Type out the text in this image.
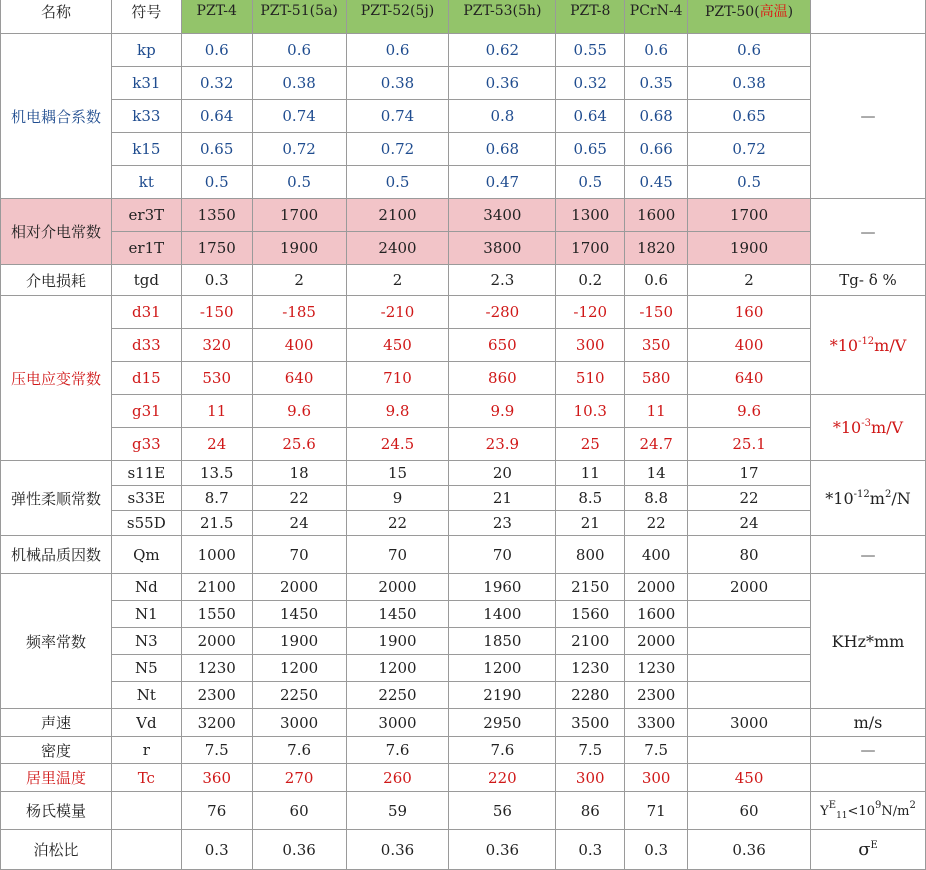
名称	符号	PZT-4	PZT-51(5a)	PZT-52(5j)	PZT-53(5h)	PZT-8	PCrN-4	PZT-50(高温)	
机电耦合系数	kp	0.6	0.6	0.6	0.62	0.55	0.6	0.6	—
	k31	0.32	0.38	0.38	0.36	0.32	0.35	0.38	
	k33	0.64	0.74	0.74	0.8	0.64	0.68	0.65	
	k15	0.65	0.72	0.72	0.68	0.65	0.66	0.72	
	kt	0.5	0.5	0.5	0.47	0.5	0.45	0.5	
相对介电常数	er3T	1350	1700	2100	3400	1300	1600	1700	—
	er1T	1750	1900	2400	3800	1700	1820	1900	
介电损耗	tgd	0.3	2	2	2.3	0.2	0.6	2	Tg- δ %
压电应变常数	d31	-150	-185	-210	-280	-120	-150	160	$*10^{-12}m/V$
	d33	320	400	450	650	300	350	400	
	d15	530	640	710	860	510	580	640	
	g31	11	9.6	9.8	9.9	10.3	11	9.6	$*10^{-3}m/V$
	g33	24	25.6	24.5	23.9	25	24.7	25.1	
弹性柔顺常数	s11E	13.5	18	15	20	11	14	17	$*10^{-12}m^2/N$
	s33E	8.7	22	9	21	8.5	8.8	22	
	s55D	21.5	24	22	23	21	22	24	
机械品质因数	Qm	1000	70	70	70	800	400	80	—
频率常数	Nd	2100	2000	2000	1960	2150	2000	2000	KHz*mm
	N1	1550	1450	1450	1400	1560	1600		
	N3	2000	1900	1900	1850	2100	2000		
	N5	1230	1200	1200	1200	1230	1230		
	Nt	2300	2250	2250	2190	2280	2300		
声速	Vd	3200	3000	3000	2950	3500	3300	3000	m/s
密度	r	7.5	7.6	7.6	7.6	7.5	7.5		—
居里温度	Tc	360	270	260	220	300	300	450	
杨氏模量		76	60	59	56	86	71	60	$Y^E_{11}<10^9N/m^2$
泊松比		0.3	0.36	0.36	0.36	0.3	0.3	0.36	$\sigma^E$
